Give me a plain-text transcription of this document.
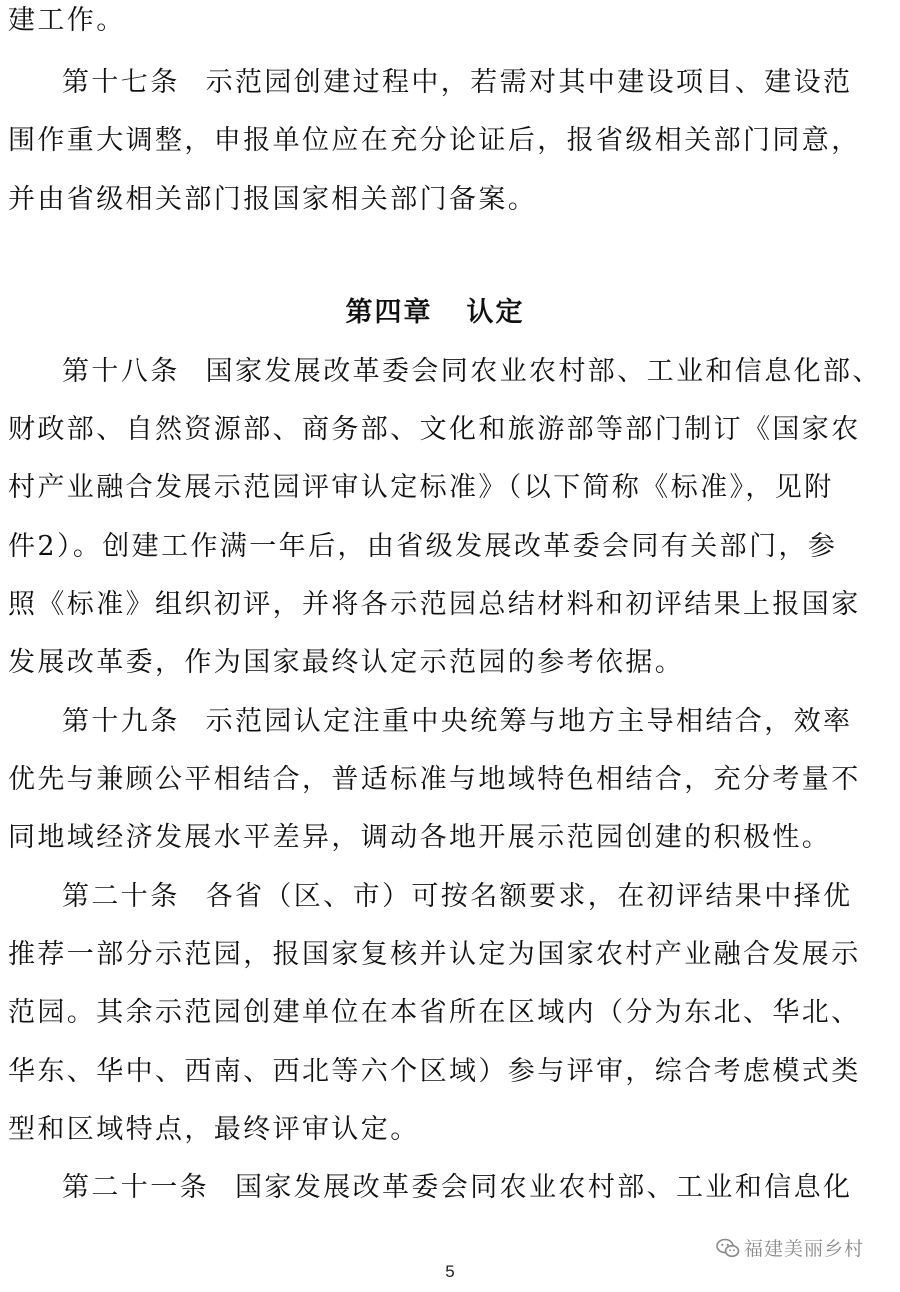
建工作。
第十七条 示范园创建过程中，若需对其中建设项目、建设范
围作重大调整，申报单位应在充分论证后，报省级相关部门同意，
并由省级相关部门报国家相关部门备案。
第四章 认定
第十八条 国家发展改革委会同农业农村部、工业和信息化部、
财政部、自然资源部、商务部、文化和旅游部等部门制订《国家农
村产业融合发展示范园评审认定标准》（以下简称《标准》，见附
件2）。创建工作满一年后，由省级发展改革委会同有关部门，参
照《标准》组织初评，并将各示范园总结材料和初评结果上报国家
发展改革委，作为国家最终认定示范园的参考依据。
第十九条 示范园认定注重中央统筹与地方主导相结合，效率
优先与兼顾公平相结合，普适标准与地域特色相结合，充分考量不
同地域经济发展水平差异，调动各地开展示范园创建的积极性。
第二十条 各省（区、市）可按名额要求，在初评结果中择优
推荐一部分示范园，报国家复核并认定为国家农村产业融合发展示
范园。其余示范园创建单位在本省所在区域内（分为东北、华北、
华东、华中、西南、西北等六个区域）参与评审，综合考虑模式类
型和区域特点，最终评审认定。
第二十一条 国家发展改革委会同农业农村部、工业和信息化
福建美丽乡村
5
